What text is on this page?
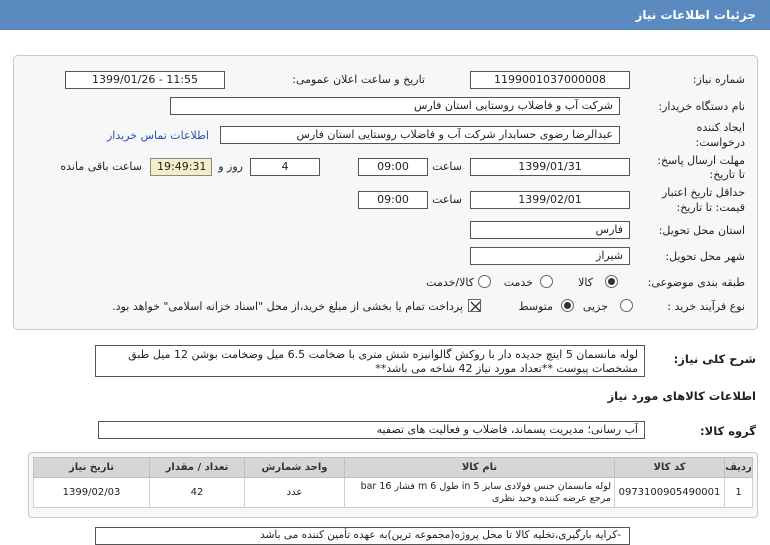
جزئیات اطلاعات نیاز
شماره نیاز:
1199001037000008
تاریخ و ساعت اعلان عمومی:
1399/01/26 - 11:55
نام دستگاه خریدار:
شرکت آب و فاضلاب روستایی استان فارس
ایجاد کننده
درخواست:
عبدالرضا رضوی حسابدار شرکت آب و فاضلاب روستایی استان فارس
اطلاعات تماس خریدار
مهلت ارسال پاسخ:
تا تاریخ:
1399/01/31
ساعت
09:00
4
روز و
19:49:31
ساعت باقی مانده
حداقل تاریخ اعتبار
قیمت: تا تاریخ:
1399/02/01
ساعت
09:00
استان محل تحویل:
فارس
شهر محل تحویل:
شیراز
طبقه بندی موضوعی:
کالا
خدمت
کالا/خدمت
نوع فرآیند خرید :
جزیی
متوسط
پرداخت تمام یا بخشی از مبلغ خرید،از محل "اسناد خزانه اسلامی" خواهد بود.
شرح کلی نیاز:
لوله مانسمان 5 اینچ جدیده دار با روکش گالوانیزه شش متری با ضخامت 6.5 میل وضخامت بوشن 12 میل طبق مشخصات پیوست **تعداد مورد نیاز 42 شاخه می باشد**
اطلاعات کالاهای مورد نیاز
گروه کالا:
آب رسانی؛ مدیریت پسماند، فاضلاب و فعالیت های تصفیه
ردیف	کد کالا	نام کالا	واحد شمارش	تعداد / مقدار	تاریخ نیاز
1	0973100905490001	لوله مانسمان جنس فولادی سایز 5 in طول 6 m فشار 16 bar
مرجع عرضه کننده وحید نظری	عدد	42	1399/02/03
-کرایه بارگیری،تخلیه کالا تا محل پروژه(مجموعه ترین)به عهده تأمین کننده می باشد
